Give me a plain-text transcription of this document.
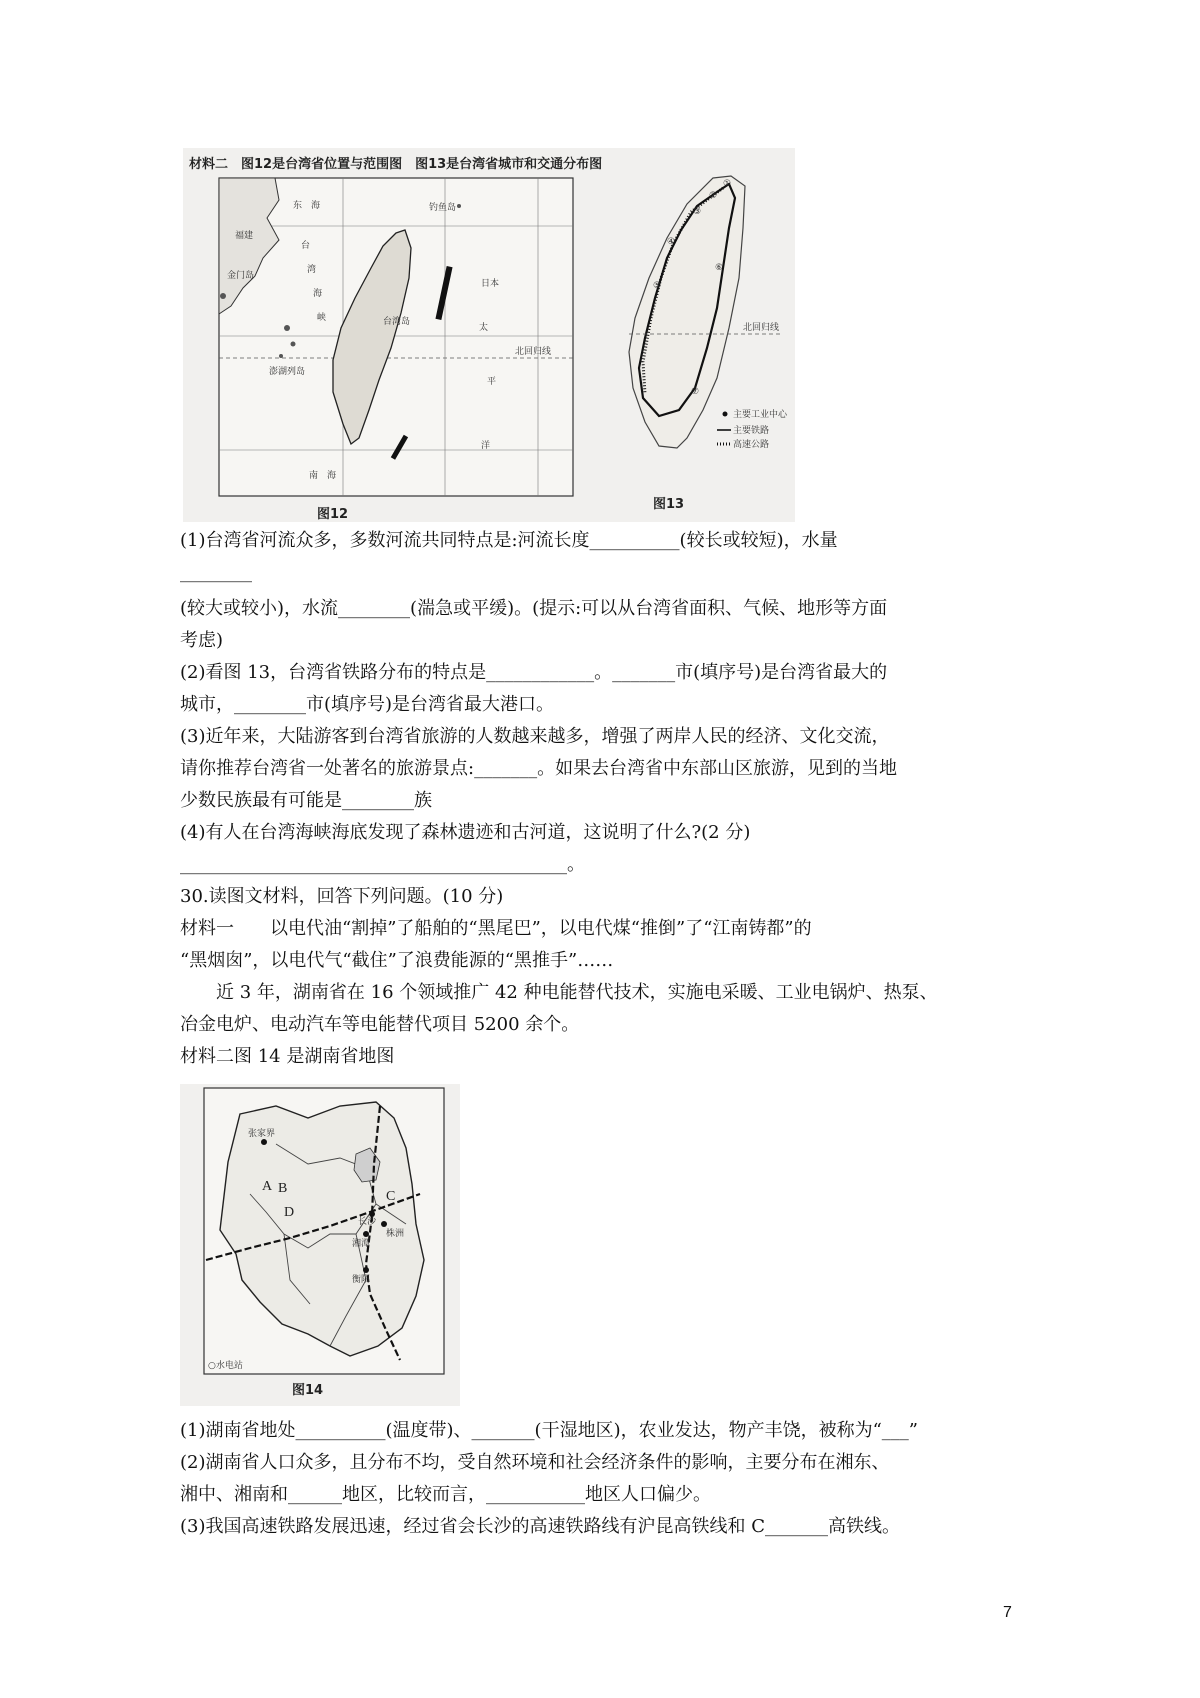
材料二　图12是台湾省位置与范围图　图13是台湾省城市和交通分布图
东　海
台
湾
海
峡
福建
金门岛
澎湖列岛
台湾岛
太
平
洋
南　海
钓鱼岛
日本
北回归线
图12
北回归线
①
②
③
④
⑤
⑥
⑦
主要工业中心
主要铁路
高速公路
图13
(1)台湾省河流众多，多数河流共同特点是:河流长度__________(较长或较短)，水量
________
(较大或较小)，水流________(湍急或平缓)。(提示:可以从台湾省面积、气候、地形等方面
考虑)
(2)看图 13，台湾省铁路分布的特点是____________。_______市(填序号)是台湾省最大的
城市，________市(填序号)是台湾省最大港口。
(3)近年来，大陆游客到台湾省旅游的人数越来越多，增强了两岸人民的经济、文化交流，
请你推荐台湾省一处著名的旅游景点:_______。如果去台湾省中东部山区旅游，见到的当地
少数民族最有可能是________族
(4)有人在台湾海峡海底发现了森林遗迹和古河道，这说明了什么?(2 分)
___________________________________________。
30.读图文材料，回答下列问题。(10 分)
材料一　　以电代油“割掉”了船舶的“黑尾巴”，以电代煤“推倒”了“江南铸都”的
“黑烟囱”，以电代气“截住”了浪费能源的“黑推手”……
　　近 3 年，湖南省在 16 个领域推广 42 种电能替代技术，实施电采暖、工业电锅炉、热泵、
冶金电炉、电动汽车等电能替代项目 5200 余个。
材料二图 14 是湖南省地图
张家界
A B
C
D
长沙
株洲
湘潭
衡阳
○水电站
图14
(1)湖南省地处__________(温度带)、_______(干湿地区)，农业发达，物产丰饶，被称为“___”
(2)湖南省人口众多，且分布不均，受自然环境和社会经济条件的影响，主要分布在湘东、
湘中、湘南和______地区，比较而言，___________地区人口偏少。
(3)我国高速铁路发展迅速，经过省会长沙的高速铁路线有沪昆高铁线和 C_______高铁线。
7
